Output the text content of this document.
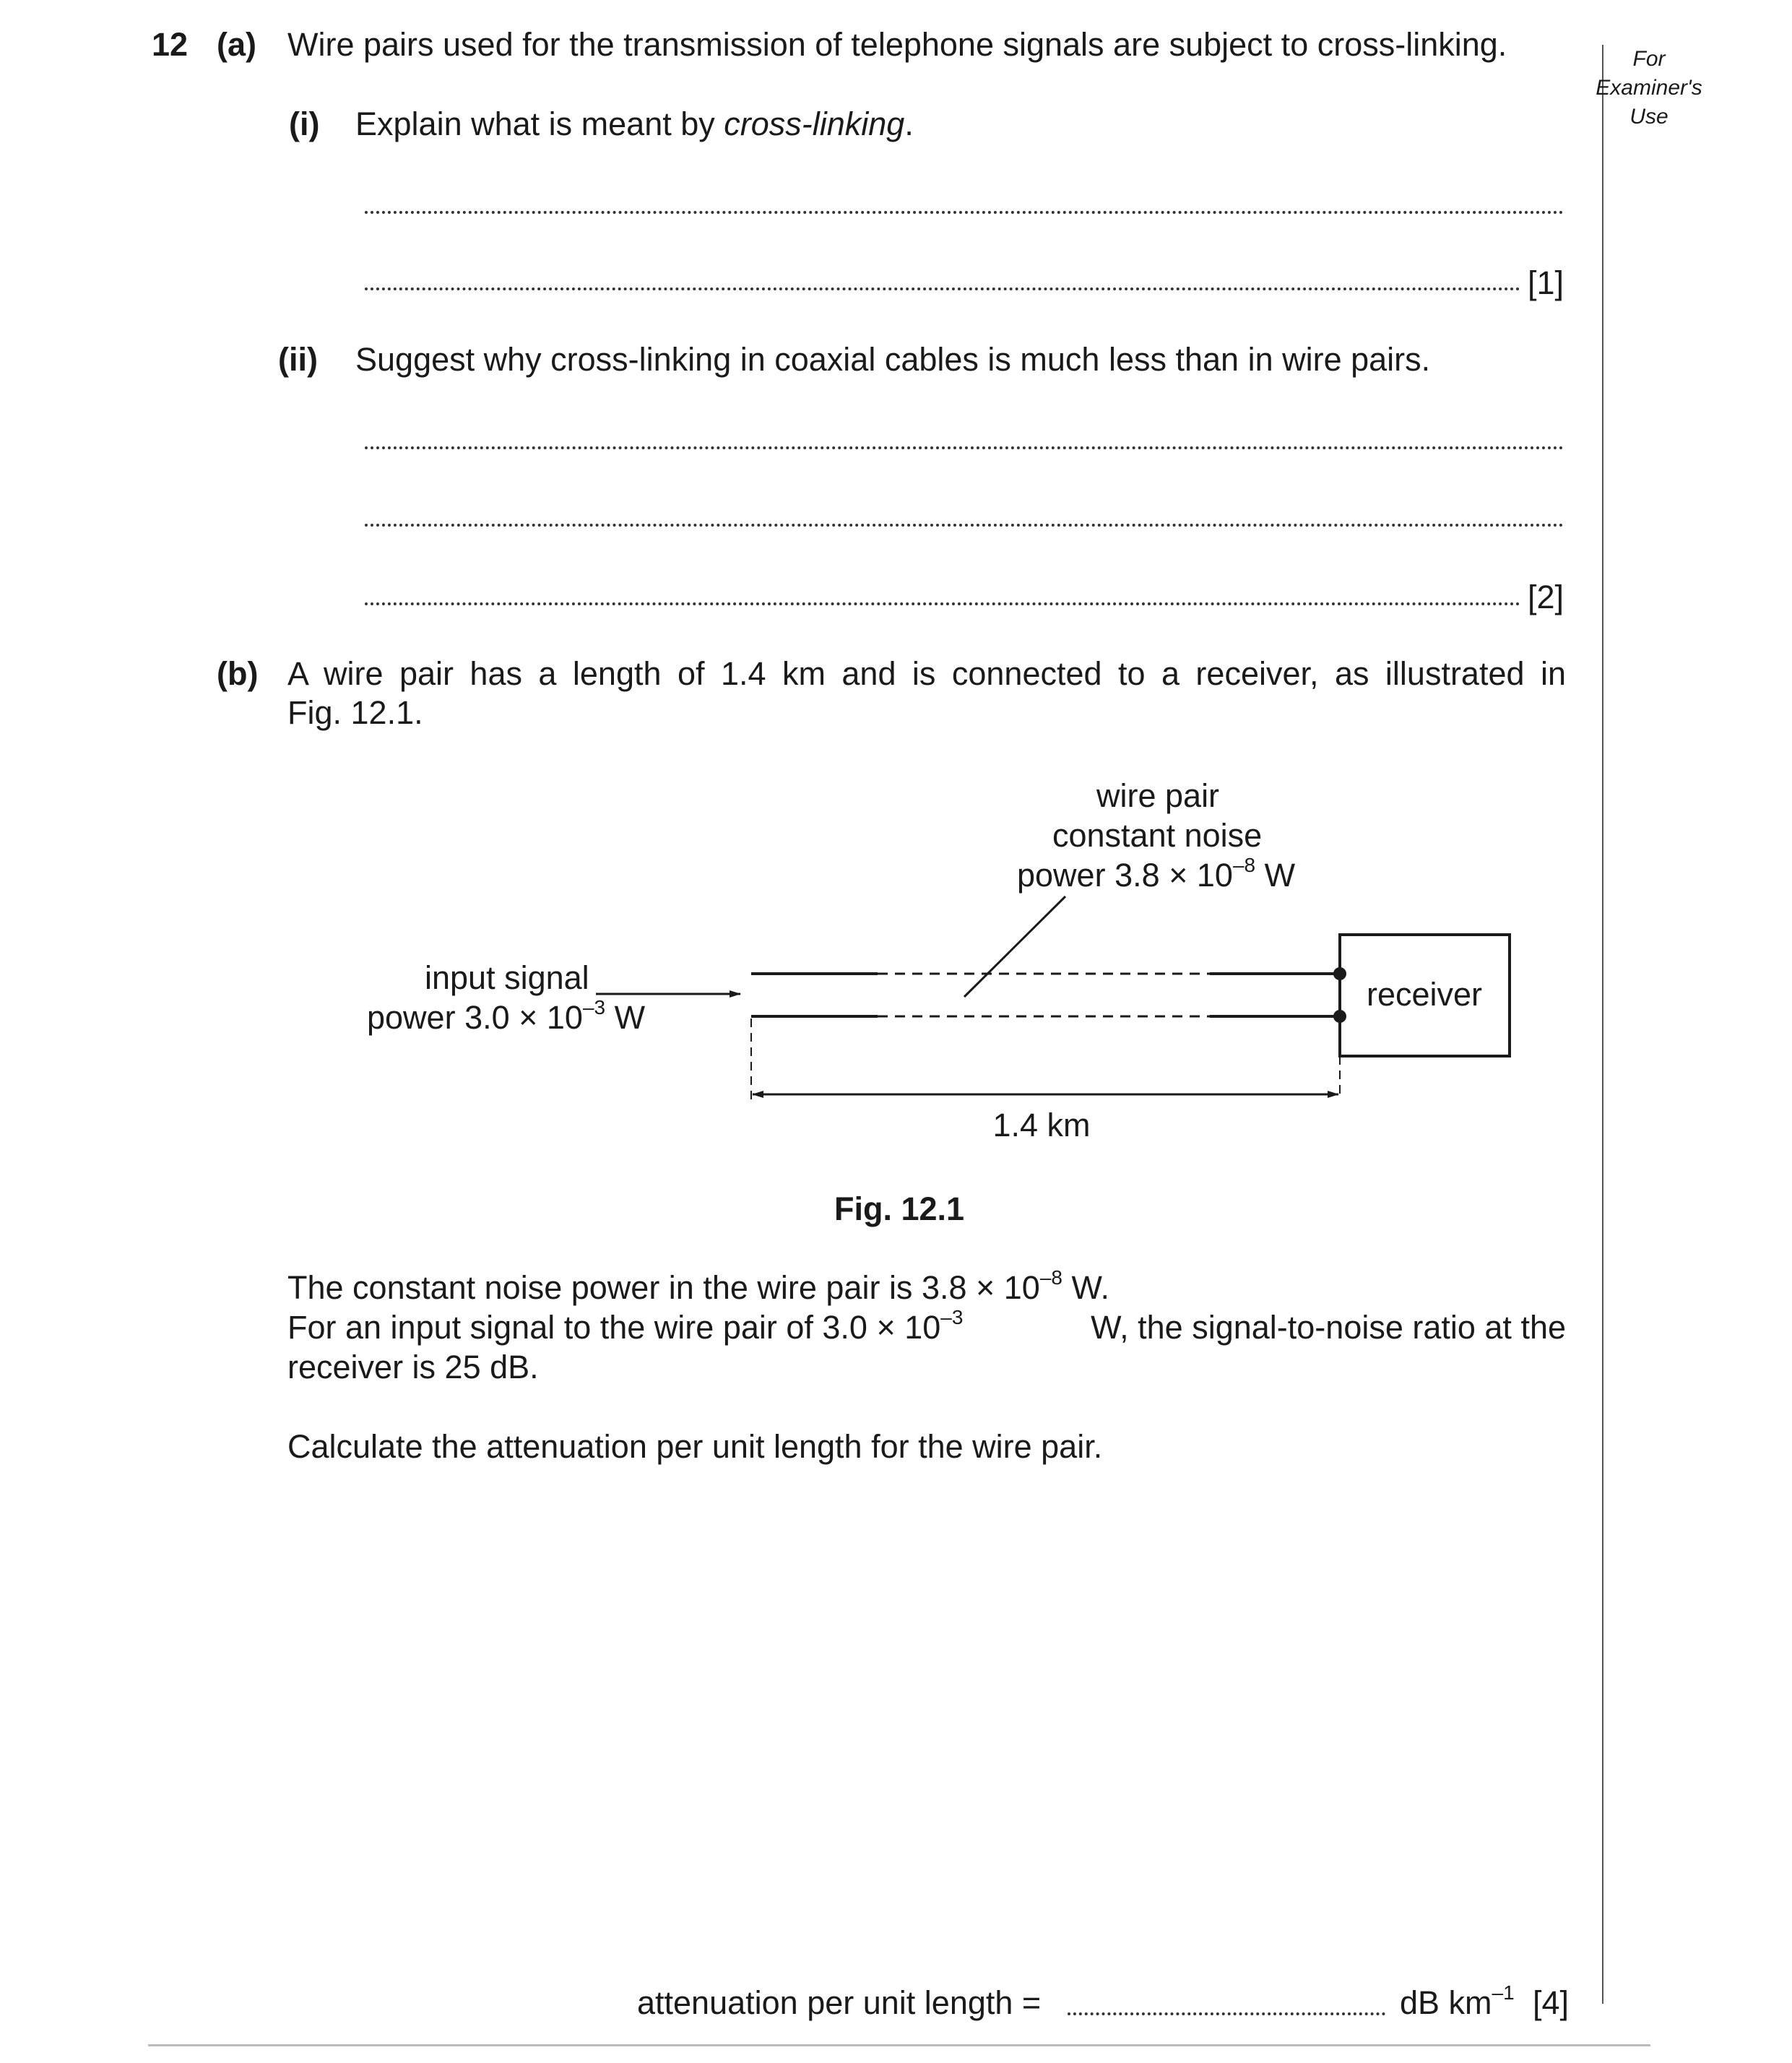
For
Examiner's
Use
12 (a) Wire pairs used for the transmission of telephone signals are subject to cross-linking.
(i) Explain what is meant by cross-linking.
[1]
(ii) Suggest why cross-linking in coaxial cables is much less than in wire pairs.
[2]
(b) A wire pair has a length of 1.4 km and is connected to a receiver, as illustrated in
Fig. 12.1.
receiver
1.4 km
wire pair
constant noise
power $3.8 \times 10^{-8}$ W
input signal
power $3.0 \times 10^{-3}$ W
Fig. 12.1
The constant noise power in the wire pair is $3.8 \times 10^{-8}$ W.
For an input signal to the wire pair of $3.0 \times 10^{-3}$	W, the signal-to-noise ratio at the
receiver is 25 dB.
Calculate the attenuation per unit length for the wire pair.
attenuation per unit length =	dB $km^{-1}$ [4]
